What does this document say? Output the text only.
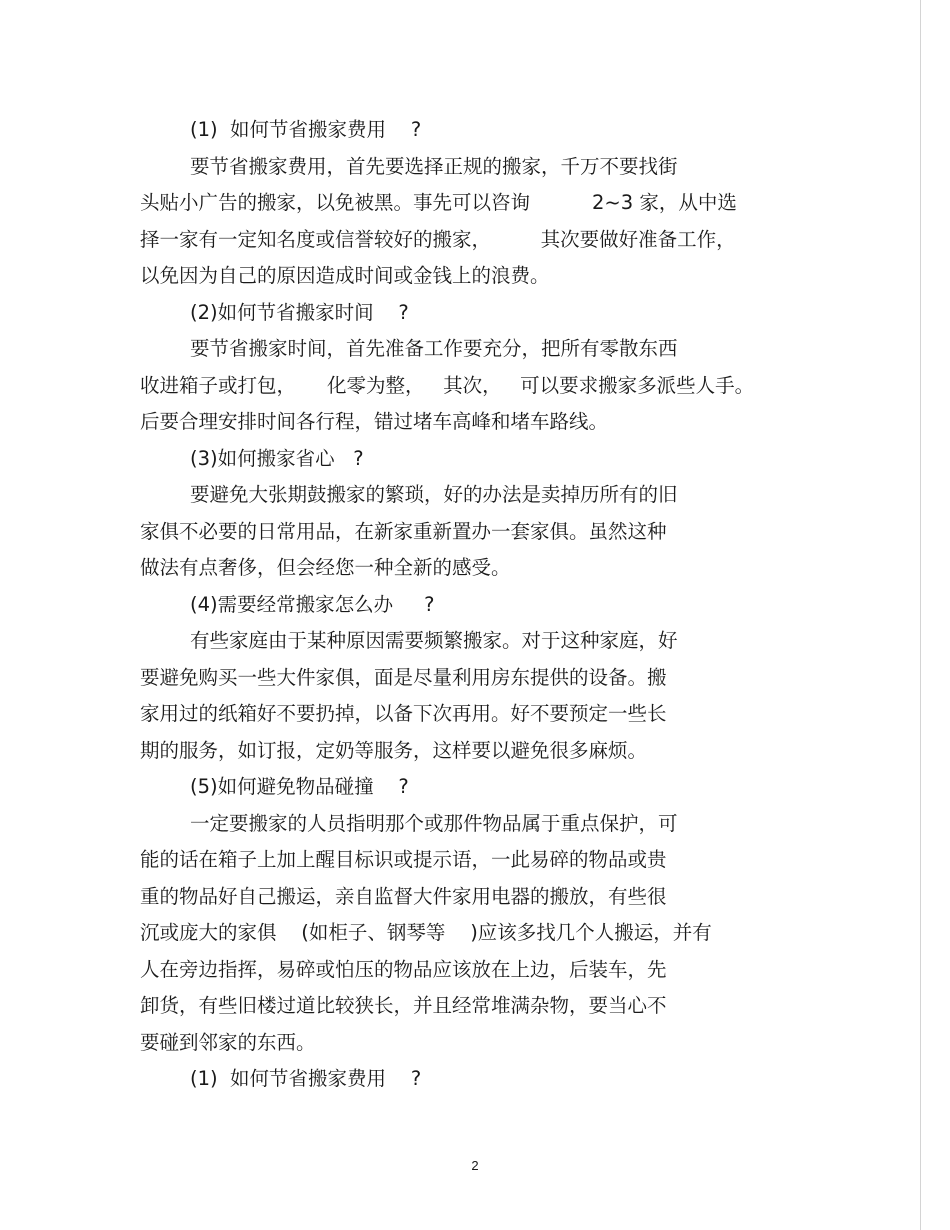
(1)  如何节省搬家费用    ?
要节省搬家费用，首先要选择正规的搬家，千万不要找街
头贴小广告的搬家，以免被黑。事先可以咨询          2~3 家，从中选
择一家有一定知名度或信誉较好的搬家，        其次要做好准备工作，
以免因为自己的原因造成时间或金钱上的浪费。
(2)如何节省搬家时间    ?
要节省搬家时间，首先准备工作要充分，把所有零散东西
收进箱子或打包，     化零为整，   其次，   可以要求搬家多派些人手。
后要合理安排时间各行程，错过堵车高峰和堵车路线。
(3)如何搬家省心   ?
要避免大张期鼓搬家的繁琐，好的办法是卖掉历所有的旧
家俱不必要的日常用品，在新家重新置办一套家俱。虽然这种
做法有点奢侈，但会经您一种全新的感受。
(4)需要经常搬家怎么办     ?
有些家庭由于某种原因需要频繁搬家。对于这种家庭，好
要避免购买一些大件家俱，面是尽量利用房东提供的设备。搬
家用过的纸箱好不要扔掉，以备下次再用。好不要预定一些长
期的服务，如订报，定奶等服务，这样要以避免很多麻烦。
(5)如何避免物品碰撞    ?
一定要搬家的人员指明那个或那件物品属于重点保护，可
能的话在箱子上加上醒目标识或提示语，一此易碎的物品或贵
重的物品好自己搬运，亲自监督大件家用电器的搬放，有些很
沉或庞大的家俱    (如柜子、钢琴等    )应该多找几个人搬运，并有
人在旁边指挥，易碎或怕压的物品应该放在上边，后装车，先
卸货，有些旧楼过道比较狭长，并且经常堆满杂物，要当心不
要碰到邻家的东西。
(1)  如何节省搬家费用    ?
2
